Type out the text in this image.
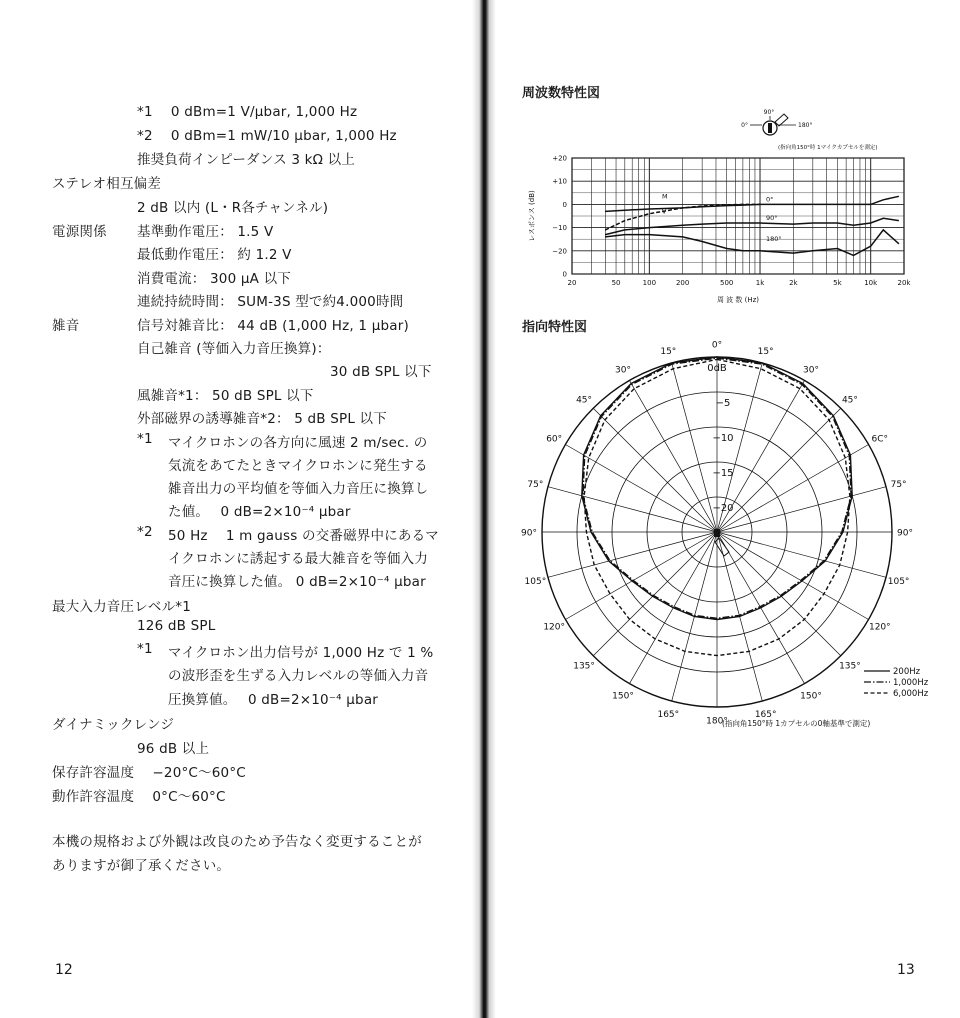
*1　 0 dBm=1 V/μbar, 1,000 Hz
*2　 0 dBm=1 mW/10 μbar, 1,000 Hz
推奨負荷インピーダンス 3 kΩ 以上
ステレオ相互偏差
2 dB 以内 (L・R各チャンネル)
電源関係 基準動作電圧： 1.5 V
最低動作電圧： 約 1.2 V
消費電流： 300 μA 以下
連続持続時間： SUM-3S 型で約4.000時間
雑音	信号対雑音比： 44 dB (1,000 Hz, 1 μbar)
自己雑音 (等価入力音圧換算)：
30 dB SPL 以下
風雑音*1： 50 dB SPL 以下
外部磁界の誘導雑音*2： 5 dB SPL 以下
*1 マイクロホンの各方向に風速 2 m/sec. の
気流をあてたときマイクロホンに発生する
雑音出力の平均値を等価入力音圧に換算し
た値。　 0 dB=2×10⁻⁴ μbar
*2 50 Hz　 1 m gauss の交番磁界中にあるマ
イクロホンに誘起する最大雑音を等価入力
音圧に換算した値。 0 dB=2×10⁻⁴ μbar
最大入力音圧レベル*1
126 dB SPL
*1 マイクロホン出力信号が 1,000 Hz で 1 %
の波形歪を生ずる入力レベルの等価入力音
圧換算値。　 0 dB=2×10⁻⁴ μbar
ダイナミックレンジ
96 dB 以上
保存許容温度　 −20°C〜60°C
動作許容温度　 0°C〜60°C
本機の規格および外観は改良のため予告なく変更することが
ありますが御了承ください。
12
周波数特性図
90°
0°	180°
(指向角150°時 1マイクカプセルを測定)
20	50	100	200	500	1k	2k	5k	10k	20k
+20
+10
0
−10
−20
0
周 波 数 (Hz)
レスポンス (dB)	M
V
0°
90°
180°
指向特性図
0dB
−5
−10
−15
−20
0°
15°
30°
45°
60°
75°
90°
105°
120°
135°
150°
165°
180°
15°
30°
45°
6C°
75°
90°
105°
120°
135°
150°
165°
200Hz
1,000Hz
6,000Hz
(指向角150°時 1カプセルの0軸基準で測定)
13
